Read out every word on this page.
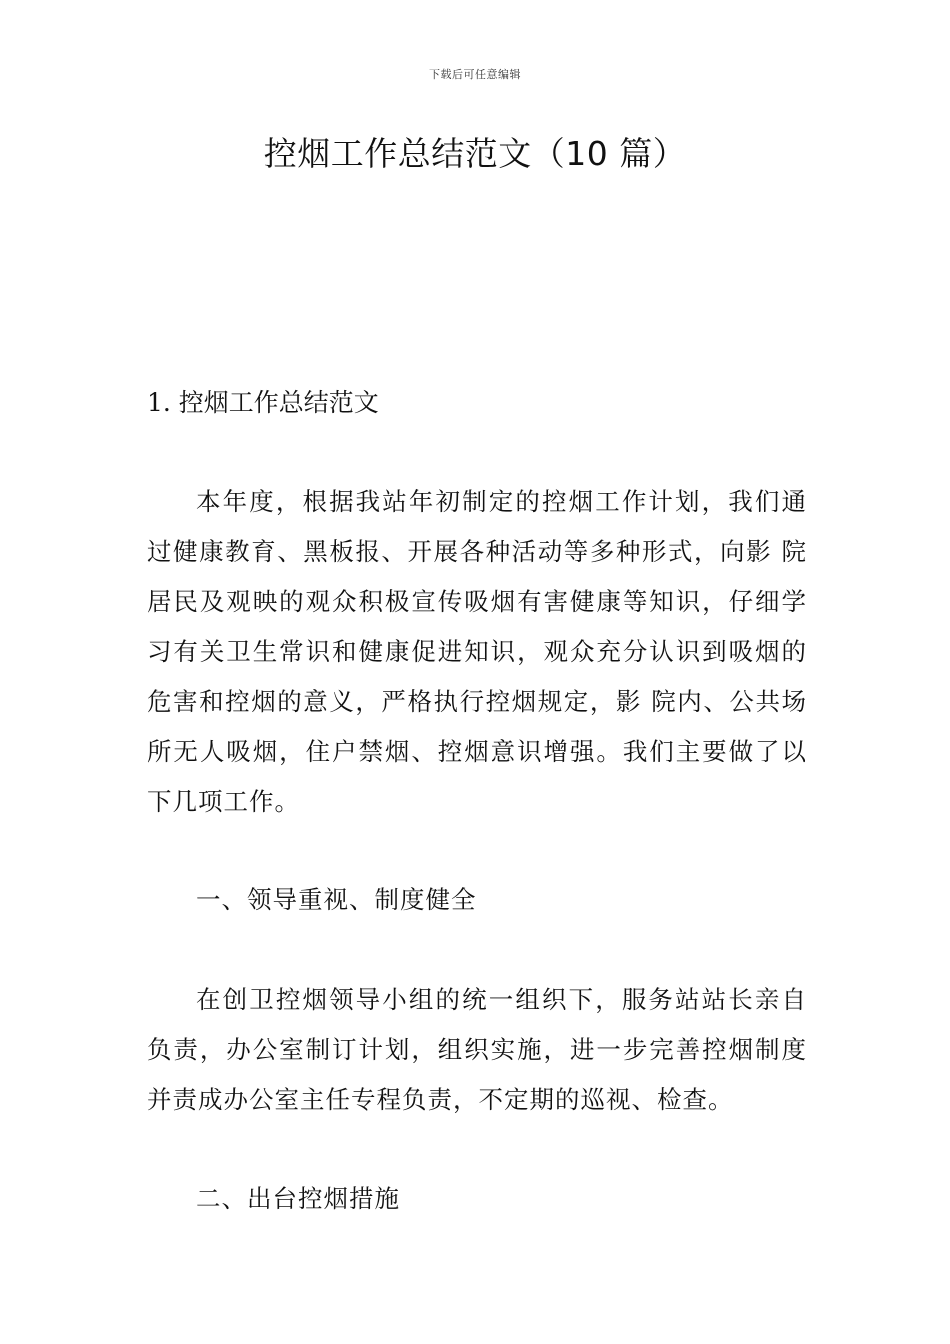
下载后可任意编辑
控烟工作总结范文（10 篇）
1. 控烟工作总结范文

本年度，根据我站年初制定的控烟工作计划，我们通过健康教育、黑板报、开展各种活动等多种形式，向影 院居民及观映的观众积极宣传吸烟有害健康等知识，仔细学习有关卫生常识和健康促进知识，观众充分认识到吸烟的危害和控烟的意义，严格执行控烟规定，影 院内、公共场所无人吸烟，住户禁烟、控烟意识增强。我们主要做了以下几项工作。

一、领导重视、制度健全

在创卫控烟领导小组的统一组织下，服务站站长亲自负责，办公室制订计划，组织实施，进一步完善控烟制度并责成办公室主任专程负责，不定期的巡视、检查。

二、出台控烟措施
